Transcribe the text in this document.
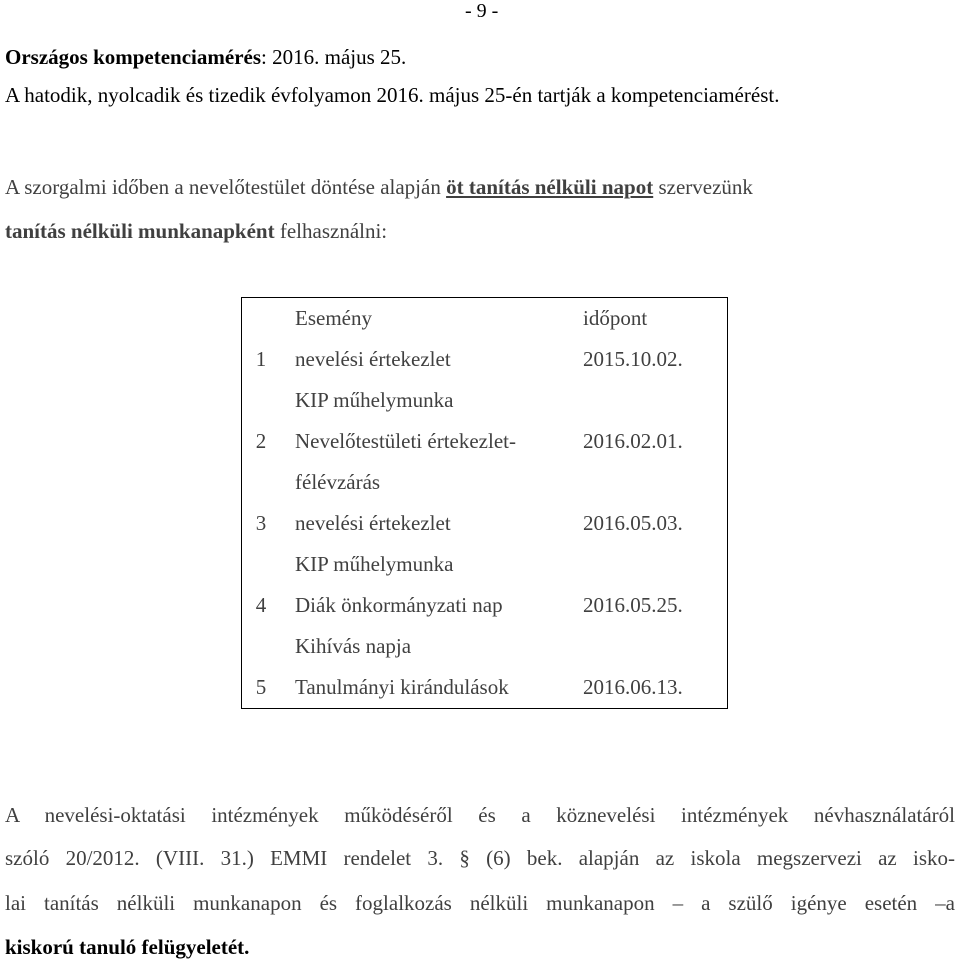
- 9 -
Országos kompetenciamérés: 2016. május 25.
A hatodik, nyolcadik és tizedik évfolyamon 2016. május 25-én tartják a kompetenciamérést.
A szorgalmi időben a nevelőtestület döntése alapján öt tanítás nélküli napot szervezünk
tanítás nélküli munkanapként felhasználni:
	Esemény	időpont
1	nevelési értekezlet	2015.10.02.
	KIP műhelymunka	
2	Nevelőtestületi értekezlet-	2016.02.01.
	félévzárás	
3	nevelési értekezlet	2016.05.03.
	KIP műhelymunka	
4	Diák önkormányzati nap	2016.05.25.
	Kihívás napja	
5	Tanulmányi kirándulások	2016.06.13.
A nevelési-oktatási intézmények működéséről és a köznevelési intézmények névhasználatáról
szóló 20/2012. (VIII. 31.) EMMI rendelet 3. § (6) bek. alapján az iskola megszervezi az isko-
lai tanítás nélküli munkanapon és foglalkozás nélküli munkanapon – a szülő igénye esetén –a
kiskorú tanuló felügyeletét.
